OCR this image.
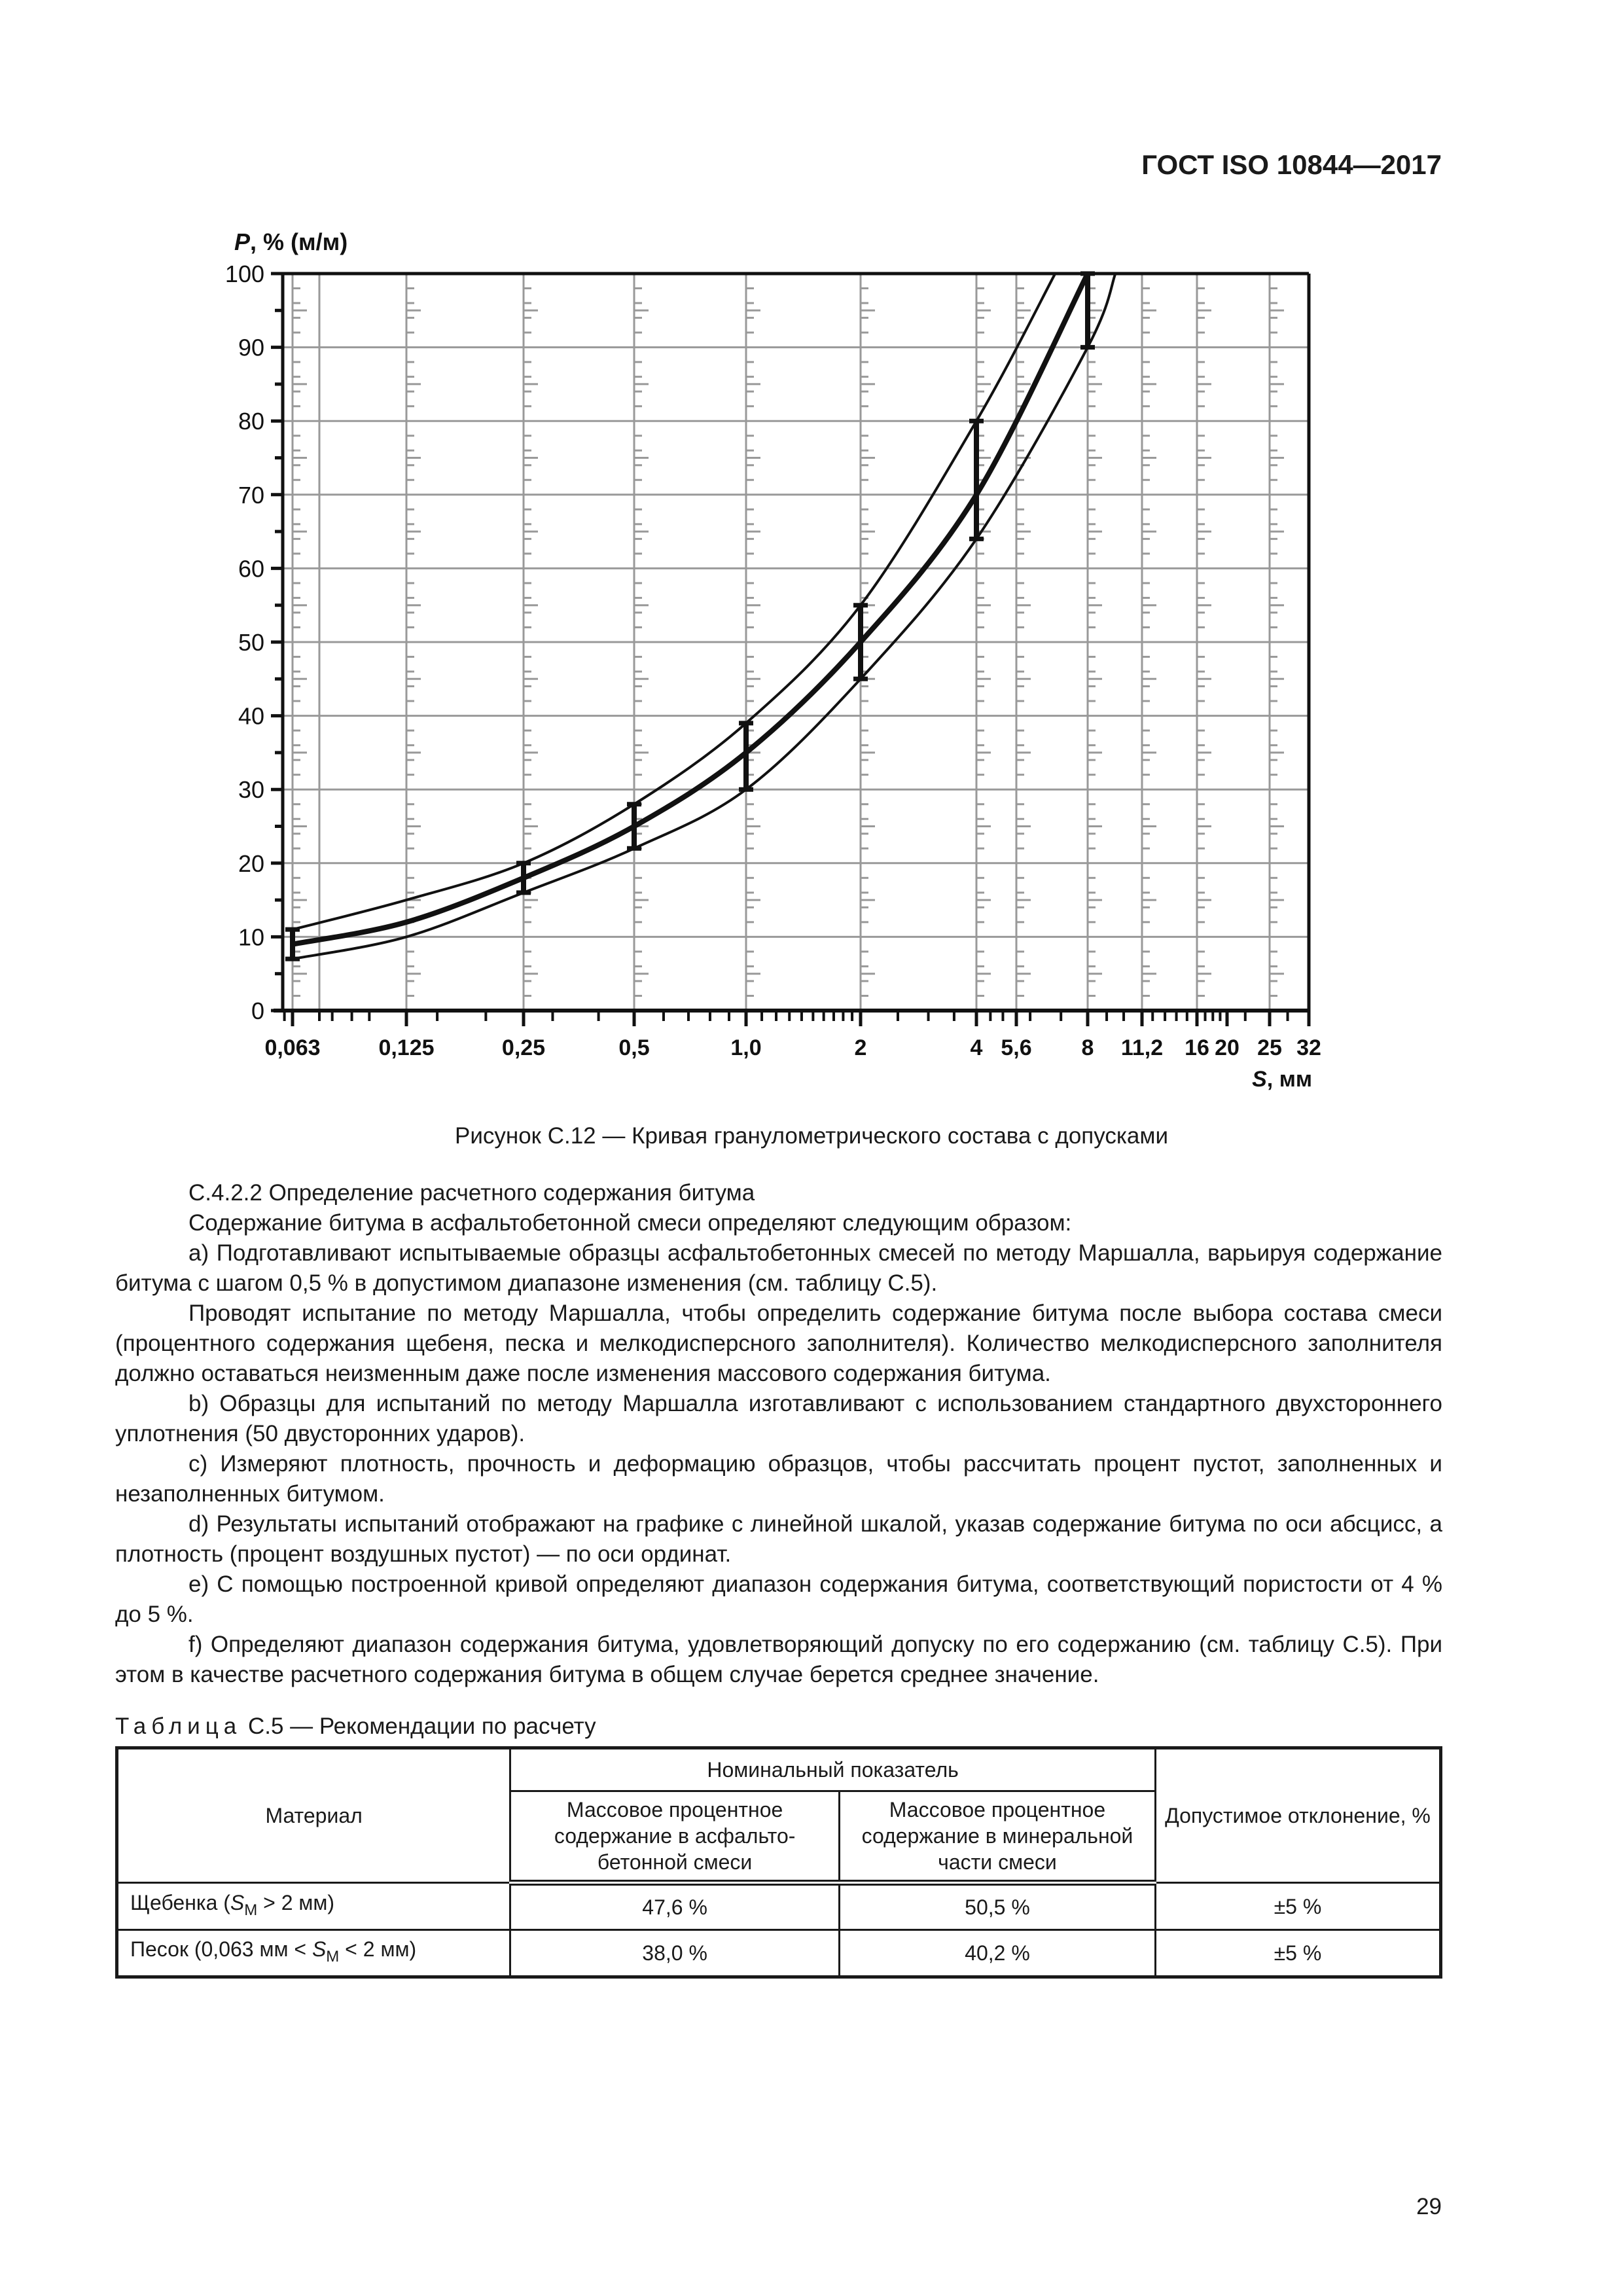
ГОСТ ISO 10844—2017
0
10
20
30
40
50
60
70
80
90
100
0,063	0,125	0,25	0,5	1,0	2	4 5,6 8 11,2 16 20 25 32
P, % (м/м)
S, мм
Рисунок С.12 — Кривая гранулометрического состава с допусками

С.4.2.2 Определение расчетного содержания битума

Содержание битума в асфальтобетонной смеси определяют следующим образом:

a) Подготавливают испытываемые образцы асфальтобетонных смесей по методу Маршалла, варьируя содержание битума с шагом 0,5 % в допустимом диапазоне изменения (см. таблицу С.5).

Проводят испытание по методу Маршалла, чтобы определить содержание битума после выбора состава смеси (процентного содержания щебеня, песка и мелкодисперсного заполнителя). Количество мелкодисперсного заполнителя должно оставаться неизменным даже после изменения массового содержания битума.

b) Образцы для испытаний по методу Маршалла изготавливают с использованием стандартного двухстороннего уплотнения (50 двусторонних ударов).

c) Измеряют плотность, прочность и деформацию образцов, чтобы рассчитать процент пустот, заполненных и незаполненных битумом.

d) Результаты испытаний отображают на графике с линейной шкалой, указав содержание битума по оси абсцисс, а плотность (процент воздушных пустот) — по оси ординат.

e) С помощью построенной кривой определяют диапазон содержания битума, соответствующий пористости от 4 % до 5 %.

f) Определяют диапазон содержания битума, удовлетворяющий допуску по его содержанию (см. таблицу С.5). При этом в качестве расчетного содержания битума в общем случае берется среднее значение.

Таблица С.5 — Рекомендации по расчету
Материал	Номинальный показатель		Допустимое отклонение, %
	Массовое процентное содержание в асфальто-бетонной смеси	Массовое процентное содержание в минеральной части смеси	
Щебенка ($S_M > 2$ мм)	47,6 %	50,5 %	±5 %
Песок (0,063 мм < $S_M < 2$ мм)	38,0 %	40,2 %	±5 %
29
